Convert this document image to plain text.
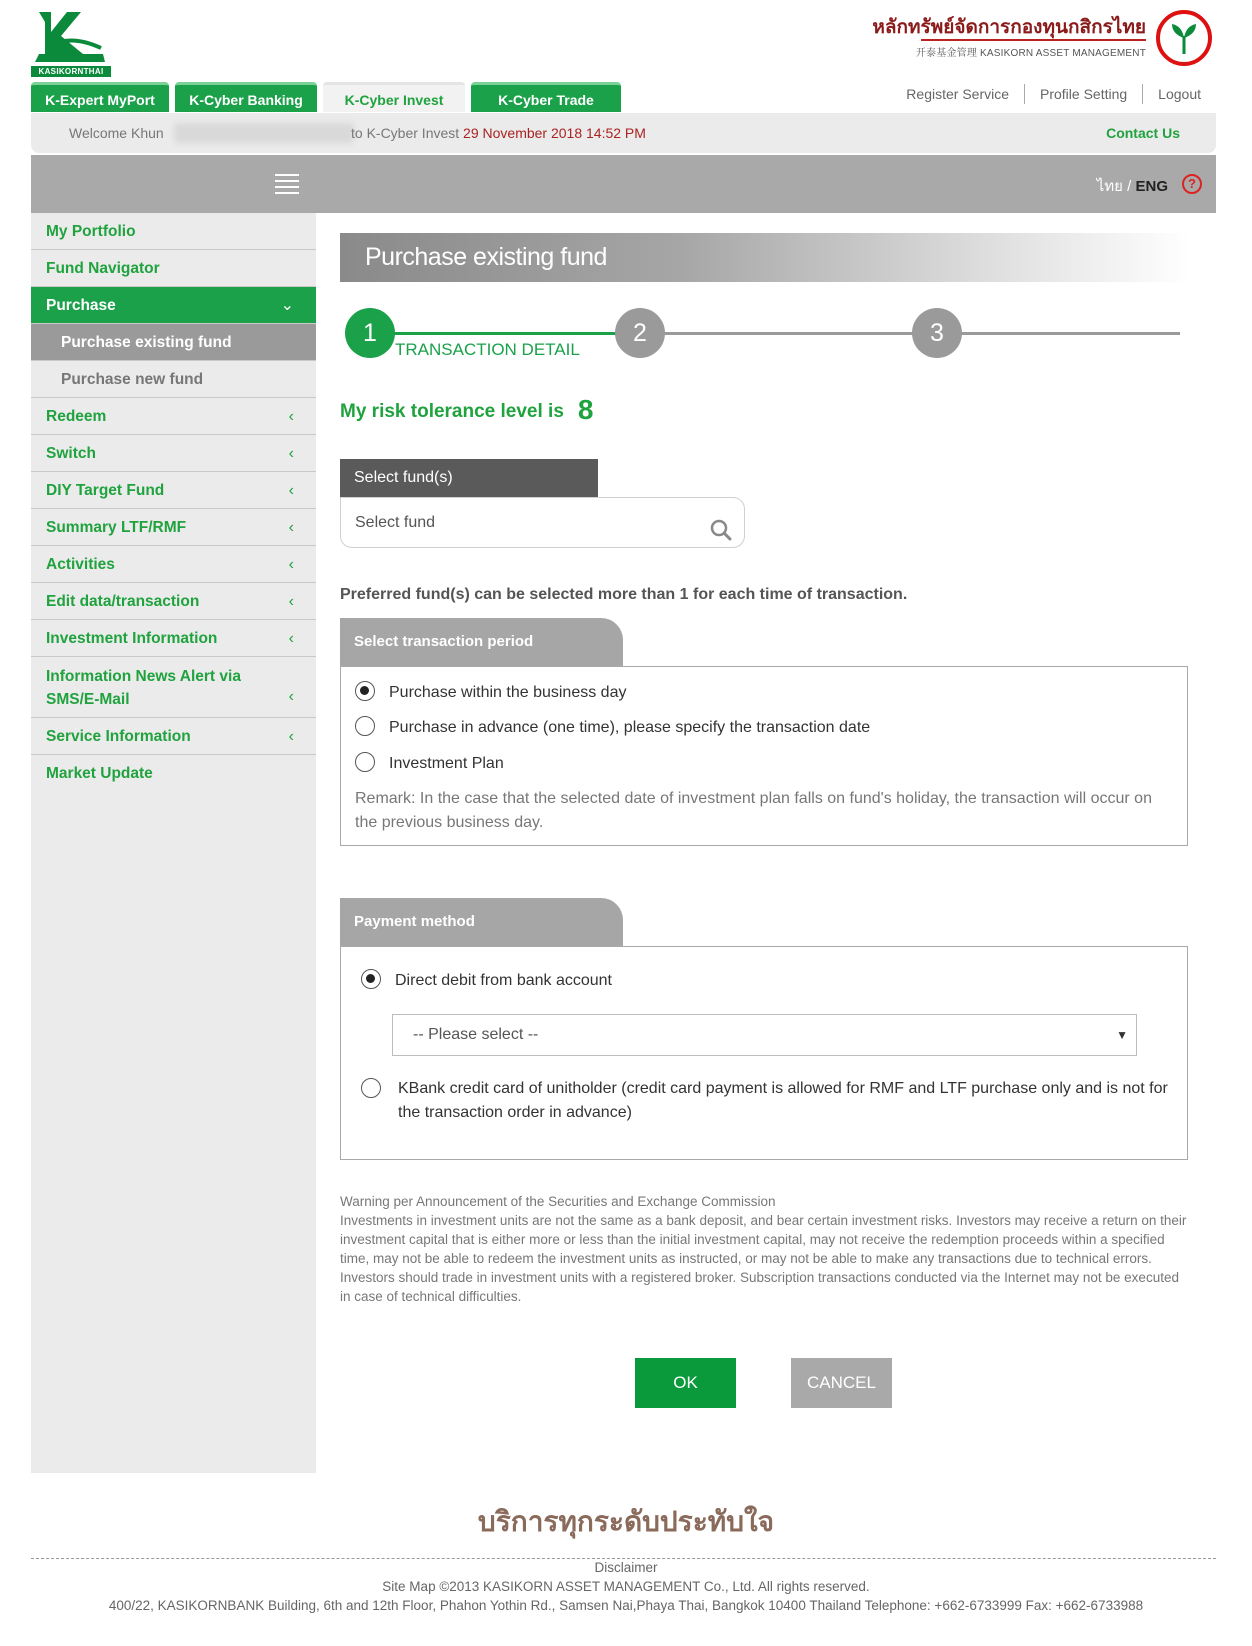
KASIKORNTHAI
หลักทรัพย์จัดการกองทุนกสิกรไทย
开泰基金管理 KASIKORN ASSET MANAGEMENT
K-Expert MyPort	K-Cyber Banking	K-Cyber Invest	K-Cyber Trade	Register Service	Profile Setting	Logout
Welcome Khun	to K-Cyber Invest 29 November 2018 14:52 PM	Contact Us
ไทย / ENG	?
My Portfolio
Fund Navigator
Purchase	⌄
Purchase existing fund
Purchase new fund
Redeem	‹
Switch	‹
DIY Target Fund	‹
Summary LTF/RMF	‹
Activities	‹
Edit data/transaction	‹
Investment Information	‹
Information News Alert via
SMS/E-Mail	‹
Service Information	‹
Market Update
Purchase existing fund
1
TRANSACTION DETAIL
2	3
My risk tolerance level is 8
Select fund(s)
Select fund
Preferred fund(s) can be selected more than 1 for each time of transaction.
Select transaction period
Purchase within the business day
Purchase in advance (one time), please specify the transaction date
Investment Plan
Remark: In the case that the selected date of investment plan falls on fund's holiday, the transaction will occur on the previous business day.
Payment method
Direct debit from bank account
-- Please select --	▼
KBank credit card of unitholder (credit card payment is allowed for RMF and LTF purchase only and is not for the transaction order in advance)
Warning per Announcement of the Securities and Exchange Commission
Investments in investment units are not the same as a bank deposit, and bear certain investment risks. Investors may receive a return on their investment capital that is either more or less than the initial investment capital, may not receive the redemption proceeds within a specified time, may not be able to redeem the investment units as instructed, or may not be able to make any transactions due to technical errors. Investors should trade in investment units with a registered broker. Subscription transactions conducted via the Internet may not be executed in case of technical difficulties.
OK	CANCEL
บริการทุกระดับประทับใจ
Disclaimer
Site Map ©2013 KASIKORN ASSET MANAGEMENT Co., Ltd. All rights reserved.
400/22, KASIKORNBANK Building, 6th and 12th Floor, Phahon Yothin Rd., Samsen Nai,Phaya Thai, Bangkok 10400 Thailand Telephone: +662-6733999 Fax: +662-6733988
